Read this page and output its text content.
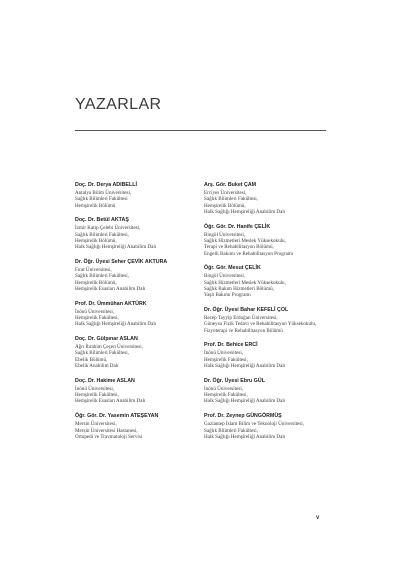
YAZARLAR
Doç. Dr. Derya ADIBELLİ
Antalya Bilim Üniversitesi,
Sağlık Bilimleri Fakültesi
Hemşirelik Bölümü
Doç. Dr. Betül AKTAŞ
İzmir Katip Çelebi Üniversitesi,
Sağlık Bilimleri Fakültesi,
Hemşirelik Bölümü,
Halk Sağlığı Hemşireliği Anabilim Dalı
Dr. Öğr. Üyesi Seher ÇEVİK AKTURA
Fırat Üniversitesi,
Sağlık Bilimleri Fakültesi,
Hemşirelik Bölümü,
Hemşirelik Esasları Anabilim Dalı
Prof. Dr. Ümmühan AKTÜRK
İnönü Üniversitesi,
Hemşirelik Fakültesi,
Halk Sağlığı Hemşireliği Anabilim Dalı
Doç. Dr. Gülpınar ASLAN
Ağrı İbrahim Çeçen Üniversitesi,
Sağlık Bilimleri Fakültesi,
Ebelik Bölümü,
Ebelik Anabilim Dalı
Doç. Dr. Hakime ASLAN
İnönü Üniversitesi,
Hemşirelik Fakültesi,
Hemşirelik Esasları Anabilim Dalı
Öğr. Gör. Dr. Yasemin ATEŞEYAN
Mersin Üniversitesi,
Mersin Üniversitesi Hastanesi,
Ortopedi ve Travmatoloji Servisi
Arş. Gör. Buket ÇAM
Erciyes Üniversitesi,
Sağlık Bilimleri Fakültesi,
Hemşirelik Bölümü,
Halk Sağlığı Hemşireliği Anabilim Dalı
Öğr. Gör. Dr. Hanife ÇELİK
Bingöl Üniversitesi,
Sağlık Hizmetleri Meslek Yüksekokulu,
Terapi ve Rehabilitasyon Bölümü,
Engelli Bakımı ve Rehabilitasyon Programı
Öğr. Gör. Mesut ÇELİK
Bingöl Üniversitesi,
Sağlık Hizmetleri Meslek Yüksekokulu,
Sağlık Bakım Hizmetleri Bölümü,
Yaşlı Bakımı Programı
Dr. Öğr. Üyesi Bahar KEFELİ ÇOL
Recep Tayyip Erdoğan Üniversitesi,
Güneysu Fizik Tedavi ve Rehabilitasyon Yüksekokulu,
Fizyoterapi ve Rehabilitasyon Bölümü
Prof. Dr. Behice ERCİ
İnönü Üniversitesi,
Hemşirelik Fakültesi,
Halk Sağlığı Hemşireliği Anabilim Dalı
Dr. Öğr. Üyesi Ebru GÜL
İnönü Üniversitesi,
Hemşirelik Fakültesi,
Halk Sağlığı Hemşireliği Anabilim Dalı
Prof. Dr. Zeynep GÜNGÖRMÜŞ
Gaziantep İslam Bilim ve Teknoloji Üniversitesi,
Sağlık Bilimleri Fakültesi,
Halk Sağlığı Hemşireliği Anabilim Dalı
v
